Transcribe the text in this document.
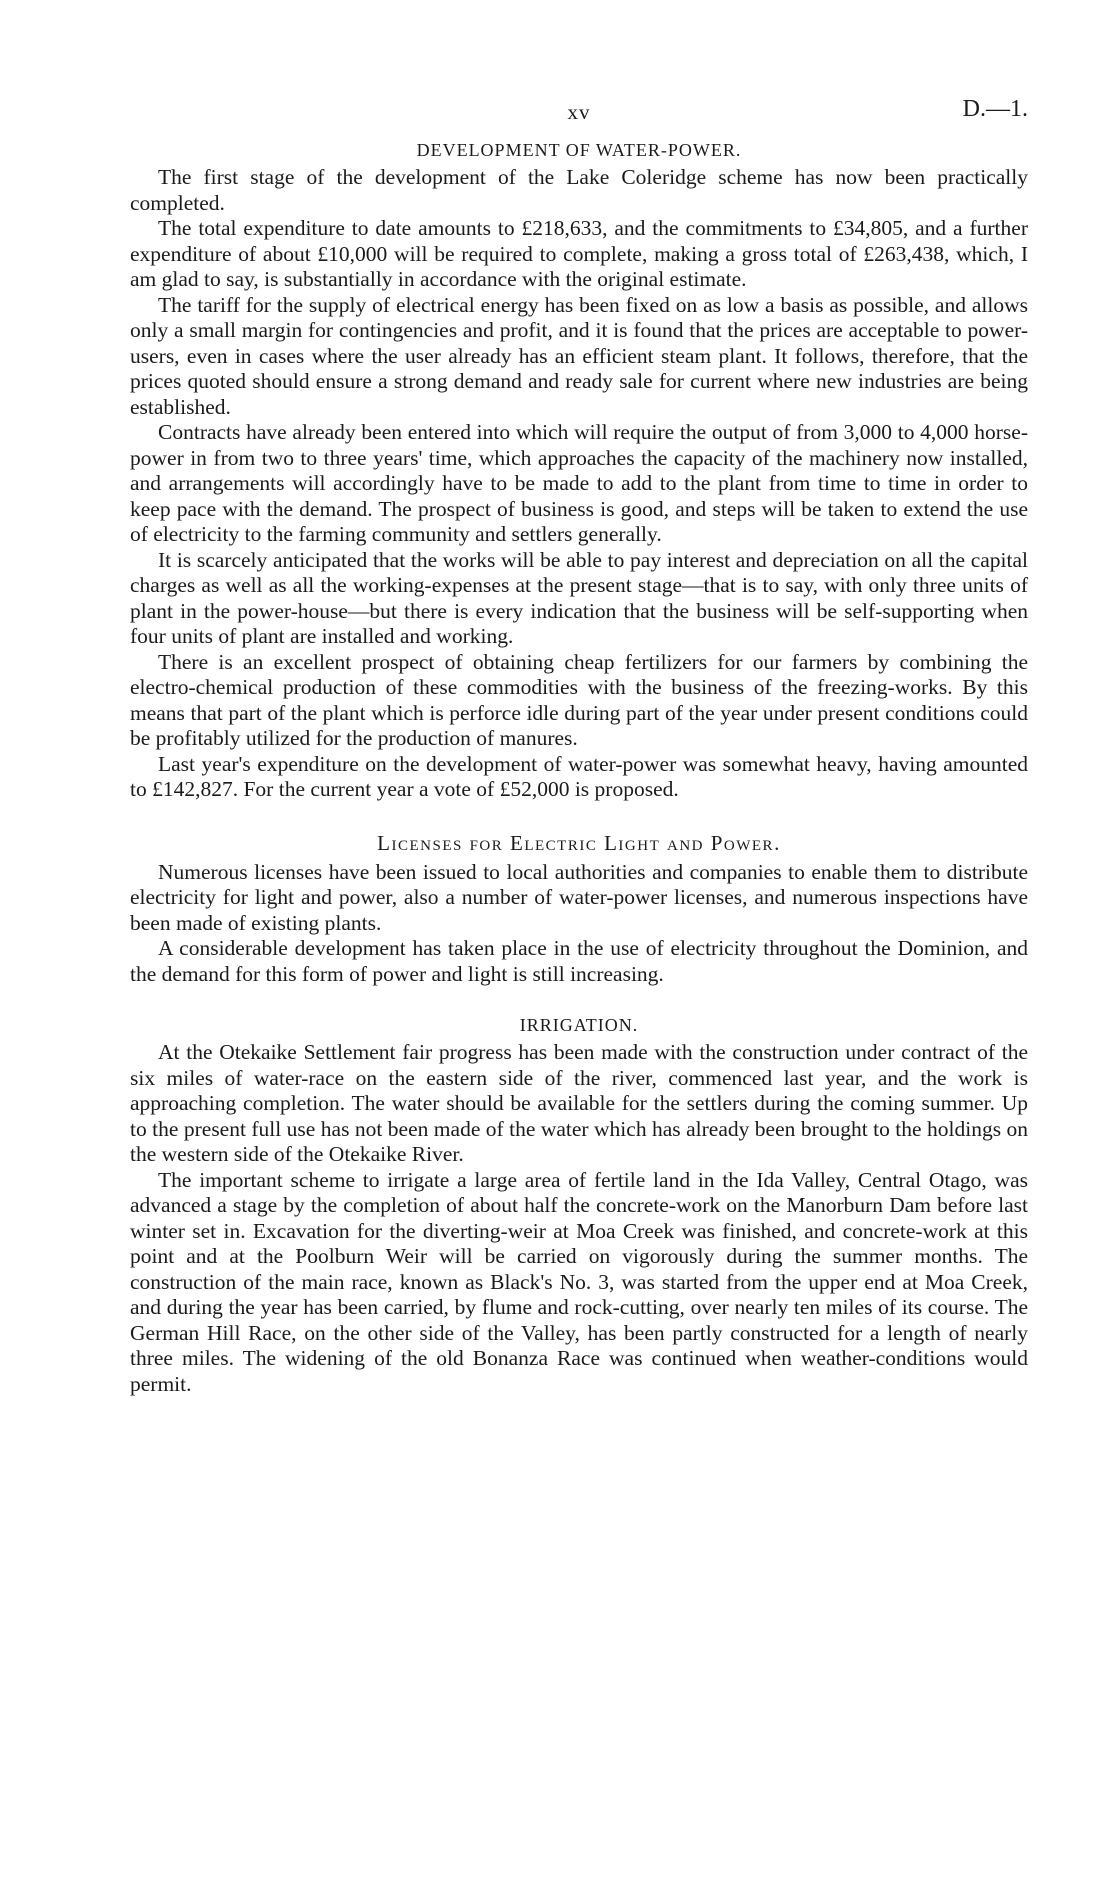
xv	D.—1.
DEVELOPMENT OF WATER-POWER.

The first stage of the development of the Lake Coleridge scheme has now been practically completed.

The total expenditure to date amounts to £218,633, and the commitments to £34,805, and a further expenditure of about £10,000 will be required to complete, making a gross total of £263,438, which, I am glad to say, is substantially in accordance with the original estimate.

The tariff for the supply of electrical energy has been fixed on as low a basis as possible, and allows only a small margin for contingencies and profit, and it is found that the prices are acceptable to power-users, even in cases where the user already has an efficient steam plant. It follows, therefore, that the prices quoted should ensure a strong demand and ready sale for current where new industries are being established.

Contracts have already been entered into which will require the output of from 3,000 to 4,000 horse-power in from two to three years' time, which approaches the capacity of the machinery now installed, and arrangements will accordingly have to be made to add to the plant from time to time in order to keep pace with the demand. The prospect of business is good, and steps will be taken to extend the use of electricity to the farming community and settlers generally.

It is scarcely anticipated that the works will be able to pay interest and depreciation on all the capital charges as well as all the working-expenses at the present stage—that is to say, with only three units of plant in the power-house—but there is every indication that the business will be self-supporting when four units of plant are installed and working.

There is an excellent prospect of obtaining cheap fertilizers for our farmers by combining the electro-chemical production of these commodities with the business of the freezing-works. By this means that part of the plant which is perforce idle during part of the year under present conditions could be profitably utilized for the production of manures.

Last year's expenditure on the development of water-power was somewhat heavy, having amounted to £142,827. For the current year a vote of £52,000 is proposed.

Licenses for Electric Light and Power.

Numerous licenses have been issued to local authorities and companies to enable them to distribute electricity for light and power, also a number of water-power licenses, and numerous inspections have been made of existing plants.

A considerable development has taken place in the use of electricity throughout the Dominion, and the demand for this form of power and light is still increasing.

IRRIGATION.

At the Otekaike Settlement fair progress has been made with the construction under contract of the six miles of water-race on the eastern side of the river, commenced last year, and the work is approaching completion. The water should be available for the settlers during the coming summer. Up to the present full use has not been made of the water which has already been brought to the holdings on the western side of the Otekaike River.

The important scheme to irrigate a large area of fertile land in the Ida Valley, Central Otago, was advanced a stage by the completion of about half the concrete-work on the Manorburn Dam before last winter set in. Excavation for the diverting-weir at Moa Creek was finished, and concrete-work at this point and at the Poolburn Weir will be carried on vigorously during the summer months. The construction of the main race, known as Black's No. 3, was started from the upper end at Moa Creek, and during the year has been carried, by flume and rock-cutting, over nearly ten miles of its course. The German Hill Race, on the other side of the Valley, has been partly constructed for a length of nearly three miles. The widening of the old Bonanza Race was continued when weather-conditions would permit.
